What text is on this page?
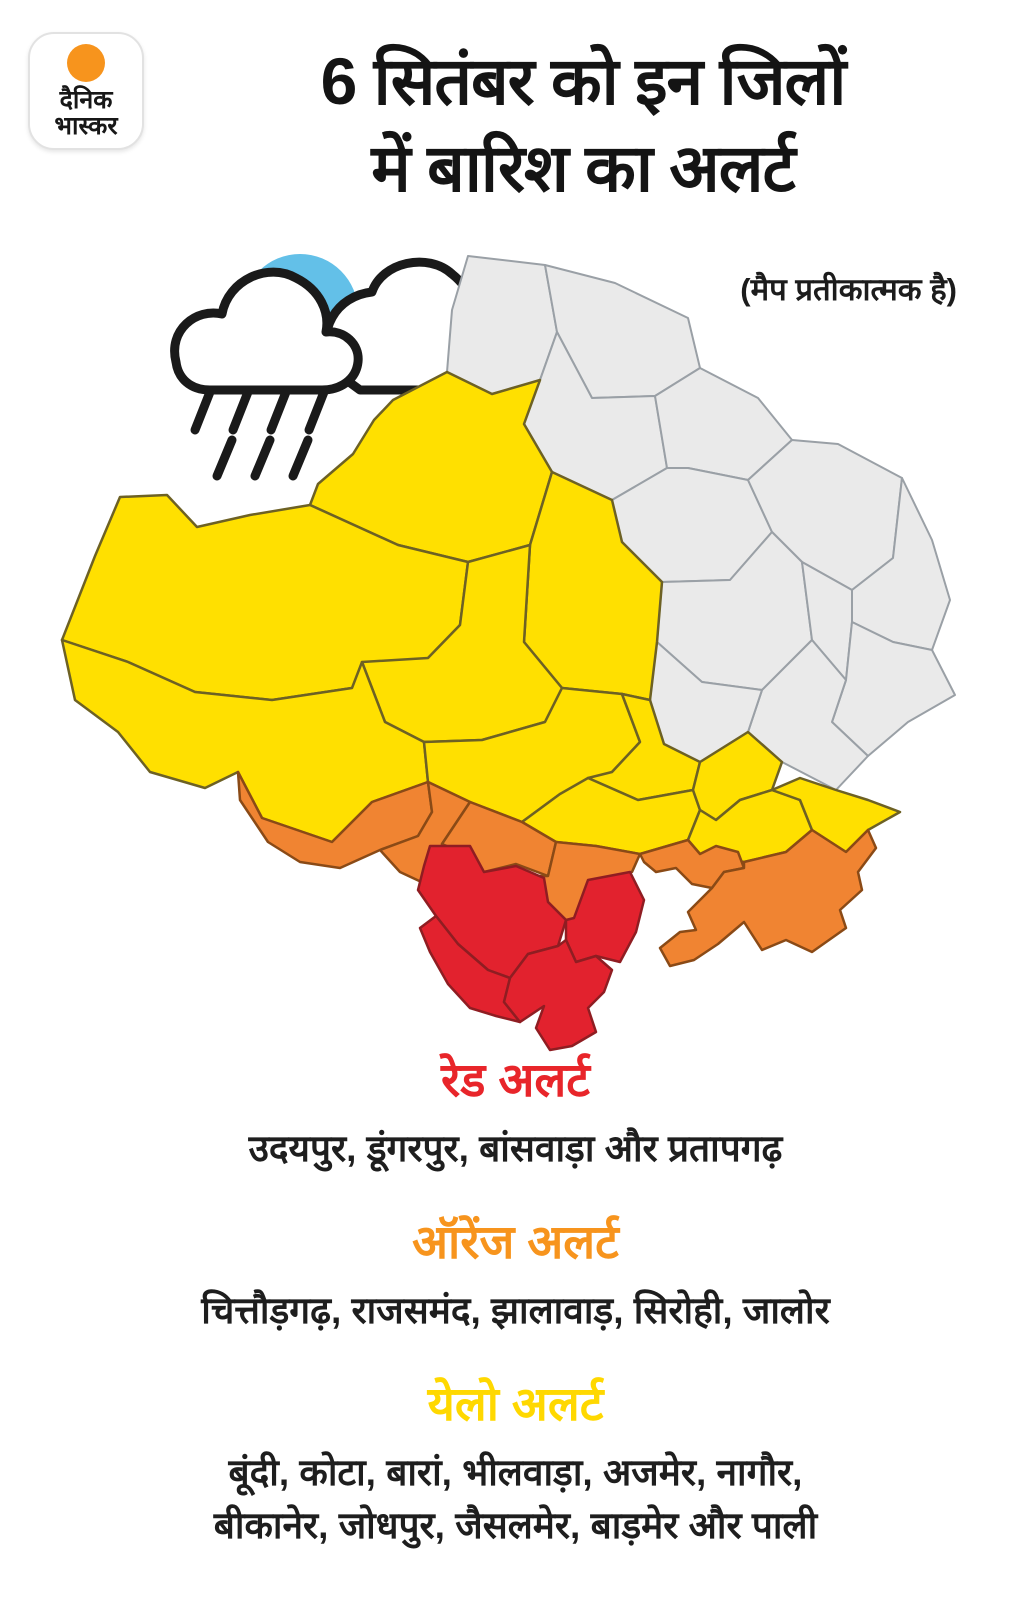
दैनिक
भास्कर
6 सितंबर को इन जिलों
में बारिश का अलर्ट
(मैप प्रतीकात्मक है)
रेड अलर्ट
उदयपुर, डूंगरपुर, बांसवाड़ा और प्रतापगढ़
ऑरेंज अलर्ट
चित्तौड़गढ़, राजसमंद, झालावाड़, सिरोही, जालोर
येलो अलर्ट
बूंदी, कोटा, बारां, भीलवाड़ा, अजमेर, नागौर,
बीकानेर, जोधपुर, जैसलमेर, बाड़मेर और पाली
